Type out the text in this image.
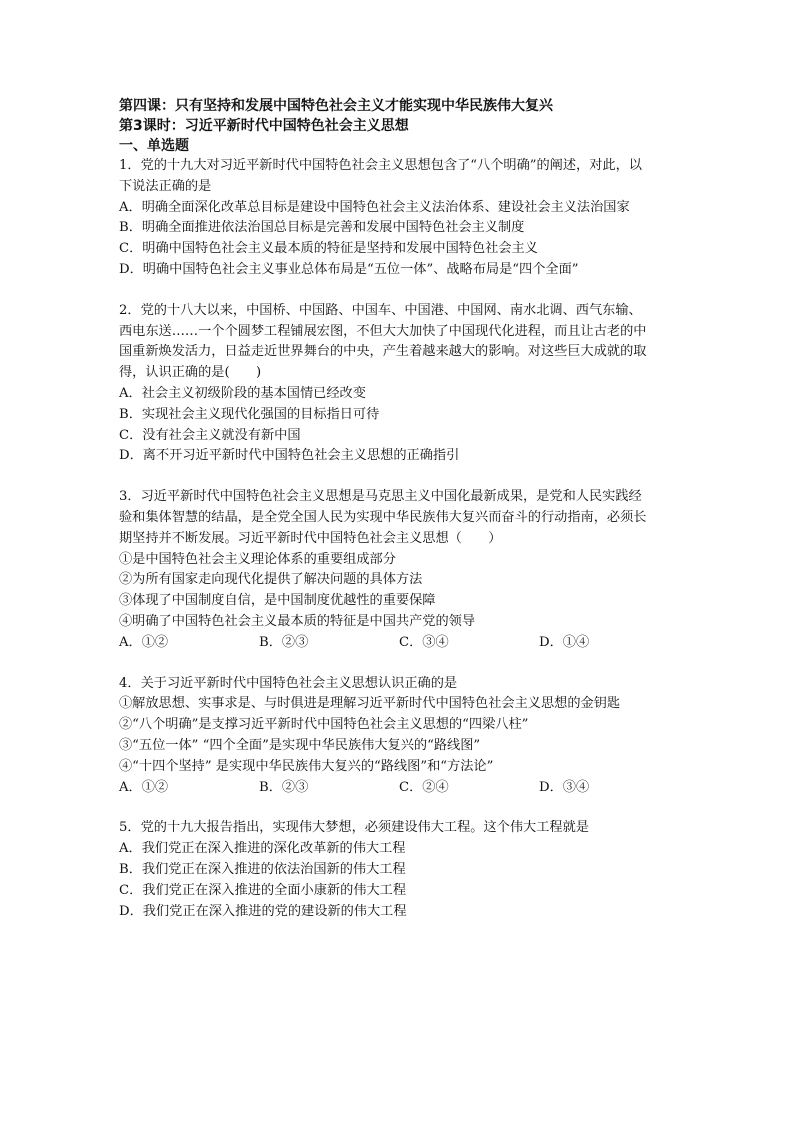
第四课：只有坚持和发展中国特色社会主义才能实现中华民族伟大复兴

第3课时：习近平新时代中国特色社会主义思想

一、单选题

1．党的十九大对习近平新时代中国特色社会主义思想包含了“八个明确”的阐述，对此，以

下说法正确的是

A．明确全面深化改革总目标是建设中国特色社会主义法治体系、建设社会主义法治国家

B．明确全面推进依法治国总目标是完善和发展中国特色社会主义制度

C．明确中国特色社会主义最本质的特征是坚持和发展中国特色社会主义

D．明确中国特色社会主义事业总体布局是“五位一体”、战略布局是“四个全面”

2．党的十八大以来，中国桥、中国路、中国车、中国港、中国网、南水北调、西气东输、

西电东送……一个个圆梦工程铺展宏图，不但大大加快了中国现代化进程，而且让古老的中

国重新焕发活力，日益走近世界舞台的中央，产生着越来越大的影响。对这些巨大成就的取

得，认识正确的是(　　)

A．社会主义初级阶段的基本国情已经改变

B．实现社会主义现代化强国的目标指日可待

C．没有社会主义就没有新中国

D．离不开习近平新时代中国特色社会主义思想的正确指引

3．习近平新时代中国特色社会主义思想是马克思主义中国化最新成果，是党和人民实践经

验和集体智慧的结晶，是全党全国人民为实现中华民族伟大复兴而奋斗的行动指南，必须长

期坚持并不断发展。习近平新时代中国特色社会主义思想（　　）

①是中国特色社会主义理论体系的重要组成部分

②为所有国家走向现代化提供了解决问题的具体方法

③体现了中国制度自信，是中国制度优越性的重要保障

④明确了中国特色社会主义最本质的特征是中国共产党的领导

A．①②	B．②③	C．③④	D．①④

4．关于习近平新时代中国特色社会主义思想认识正确的是

①解放思想、实事求是、与时俱进是理解习近平新时代中国特色社会主义思想的金钥匙

②“八个明确”是支撑习近平新时代中国特色社会主义思想的“四梁八柱”

③“五位一体” “四个全面”是实现中华民族伟大复兴的“路线图”

④“十四个坚持” 是实现中华民族伟大复兴的“路线图”和“方法论”

A．①②	B．②③	C．②④	D．③④

5．党的十九大报告指出，实现伟大梦想，必须建设伟大工程。这个伟大工程就是

A．我们党正在深入推进的深化改革新的伟大工程

B．我们党正在深入推进的依法治国新的伟大工程

C．我们党正在深入推进的全面小康新的伟大工程

D．我们党正在深入推进的党的建设新的伟大工程
